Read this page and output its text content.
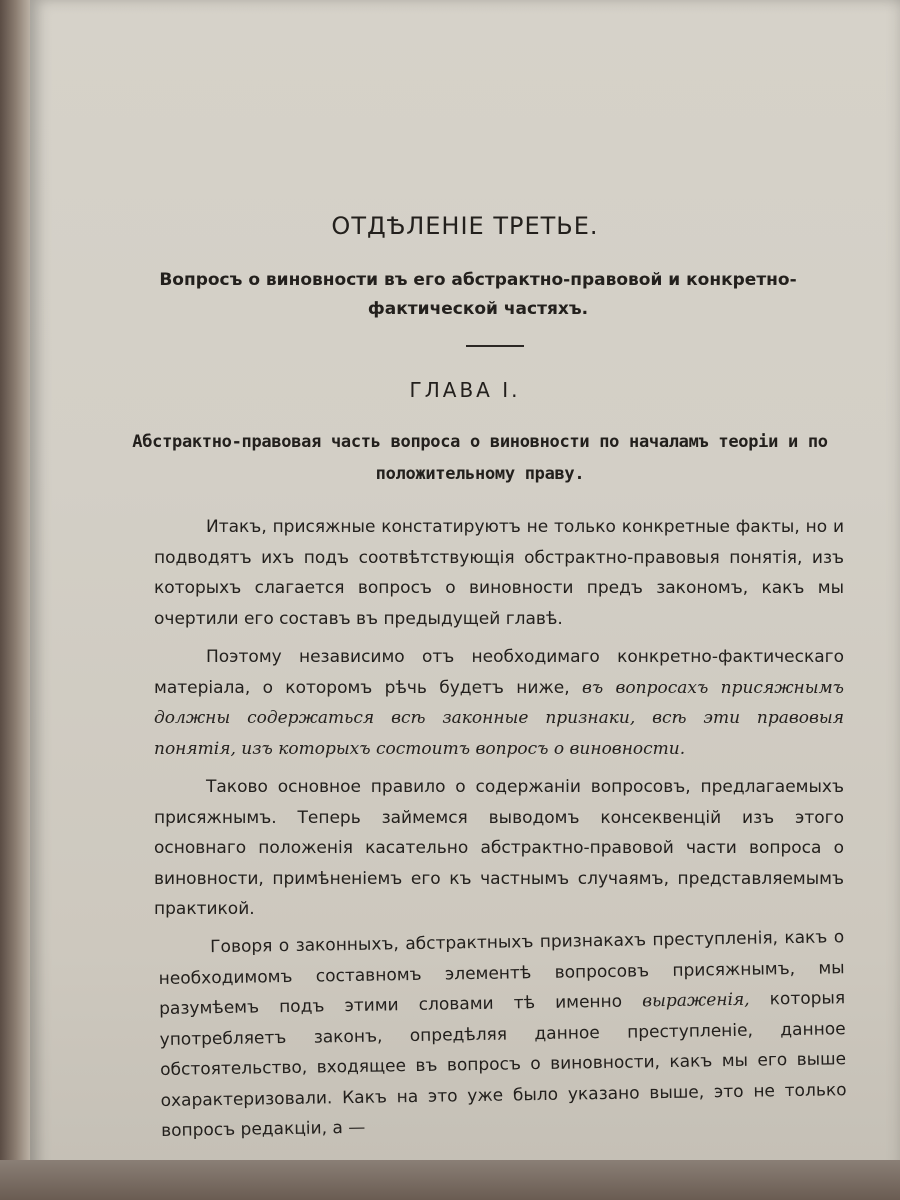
ОТДѢЛЕНІЕ ТРЕТЬЕ.
Вопросъ о виновности въ его абстрактно-правовой и конкретно-фактической частяхъ.
ГЛАВА I.
Абстрактно-правовая часть вопроса о виновности по началамъ теоріи и по положительному праву.

Итакъ, присяжные констатируютъ не только конкретные факты, но и подводятъ ихъ подъ соотвѣтствующія обстрактно-правовыя понятія, изъ которыхъ слагается вопросъ о виновности предъ закономъ, какъ мы очертили его составъ въ предыдущей главѣ.

Поэтому независимо отъ необходимаго конкретно-фактическаго матеріала, о которомъ рѣчь будетъ ниже, въ вопросахъ присяжнымъ должны содержаться всѣ законные признаки, всѣ эти правовыя понятія, изъ которыхъ состоитъ вопросъ о виновности.

Таково основное правило о содержаніи вопросовъ, предлагаемыхъ присяжнымъ. Теперь займемся выводомъ консеквенцій изъ этого основнаго положенія касательно абстрактно-правовой части вопроса о виновности, примѣненіемъ его къ частнымъ случаямъ, представляемымъ практикой.

Говоря о законныхъ, абстрактныхъ признакахъ преступленія, какъ о необходимомъ составномъ элементѣ вопросовъ присяжнымъ, мы разумѣемъ подъ этими словами тѣ именно выраженія, которыя употребляетъ законъ, опредѣляя данное преступленіе, данное обстоятельство, входящее въ вопросъ о виновности, какъ мы его выше охарактеризовали. Какъ на это уже было указано выше, это не только вопросъ редакціи, а —
